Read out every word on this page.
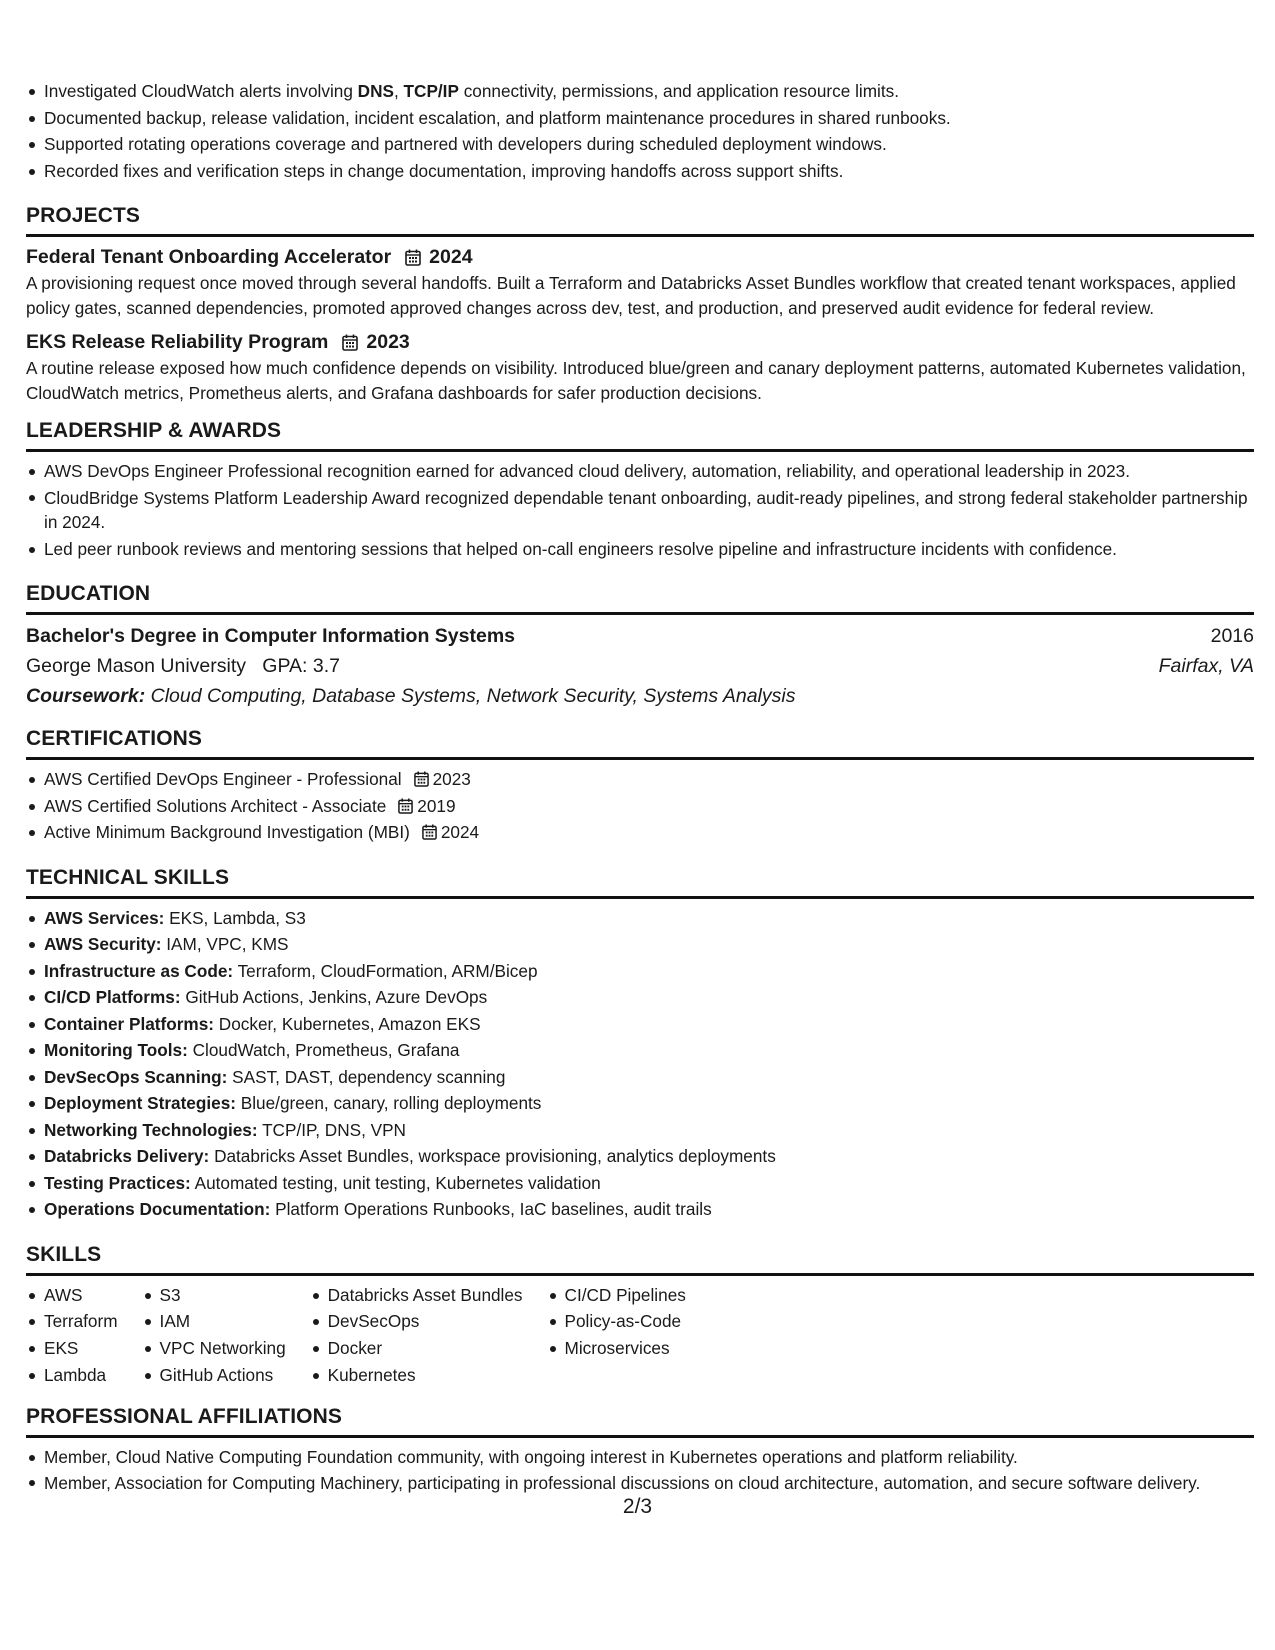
Investigated CloudWatch alerts involving DNS, TCP/IP connectivity, permissions, and application resource limits.
Documented backup, release validation, incident escalation, and platform maintenance procedures in shared runbooks.
Supported rotating operations coverage and partnered with developers during scheduled deployment windows.
Recorded fixes and verification steps in change documentation, improving handoffs across support shifts.
PROJECTS
Federal Tenant Onboarding Accelerator 2024
A provisioning request once moved through several handoffs. Built a Terraform and Databricks Asset Bundles workflow that created tenant workspaces, applied policy gates, scanned dependencies, promoted approved changes across dev, test, and production, and preserved audit evidence for federal review.
EKS Release Reliability Program 2023
A routine release exposed how much confidence depends on visibility. Introduced blue/green and canary deployment patterns, automated Kubernetes validation, CloudWatch metrics, Prometheus alerts, and Grafana dashboards for safer production decisions.
LEADERSHIP & AWARDS
AWS DevOps Engineer Professional recognition earned for advanced cloud delivery, automation, reliability, and operational leadership in 2023.
CloudBridge Systems Platform Leadership Award recognized dependable tenant onboarding, audit-ready pipelines, and strong federal stakeholder partnership in 2024.
Led peer runbook reviews and mentoring sessions that helped on-call engineers resolve pipeline and infrastructure incidents with confidence.
EDUCATION
Bachelor's Degree in Computer Information Systems	2016
George Mason University GPA: 3.7	Fairfax, VA
Coursework: Cloud Computing, Database Systems, Network Security, Systems Analysis
CERTIFICATIONS
AWS Certified DevOps Engineer - Professional 2023
AWS Certified Solutions Architect - Associate 2019
Active Minimum Background Investigation (MBI) 2024
TECHNICAL SKILLS
AWS Services: EKS, Lambda, S3
AWS Security: IAM, VPC, KMS
Infrastructure as Code: Terraform, CloudFormation, ARM/Bicep
CI/CD Platforms: GitHub Actions, Jenkins, Azure DevOps
Container Platforms: Docker, Kubernetes, Amazon EKS
Monitoring Tools: CloudWatch, Prometheus, Grafana
DevSecOps Scanning: SAST, DAST, dependency scanning
Deployment Strategies: Blue/green, canary, rolling deployments
Networking Technologies: TCP/IP, DNS, VPN
Databricks Delivery: Databricks Asset Bundles, workspace provisioning, analytics deployments
Testing Practices: Automated testing, unit testing, Kubernetes validation
Operations Documentation: Platform Operations Runbooks, IaC baselines, audit trails
SKILLS
AWS
Terraform
EKS
Lambda
S3
IAM
VPC Networking
GitHub Actions
Databricks Asset Bundles
DevSecOps
Docker
Kubernetes
CI/CD Pipelines
Policy-as-Code
Microservices
PROFESSIONAL AFFILIATIONS
Member, Cloud Native Computing Foundation community, with ongoing interest in Kubernetes operations and platform reliability.
Member, Association for Computing Machinery, participating in professional discussions on cloud architecture, automation, and secure software delivery.
2/3
